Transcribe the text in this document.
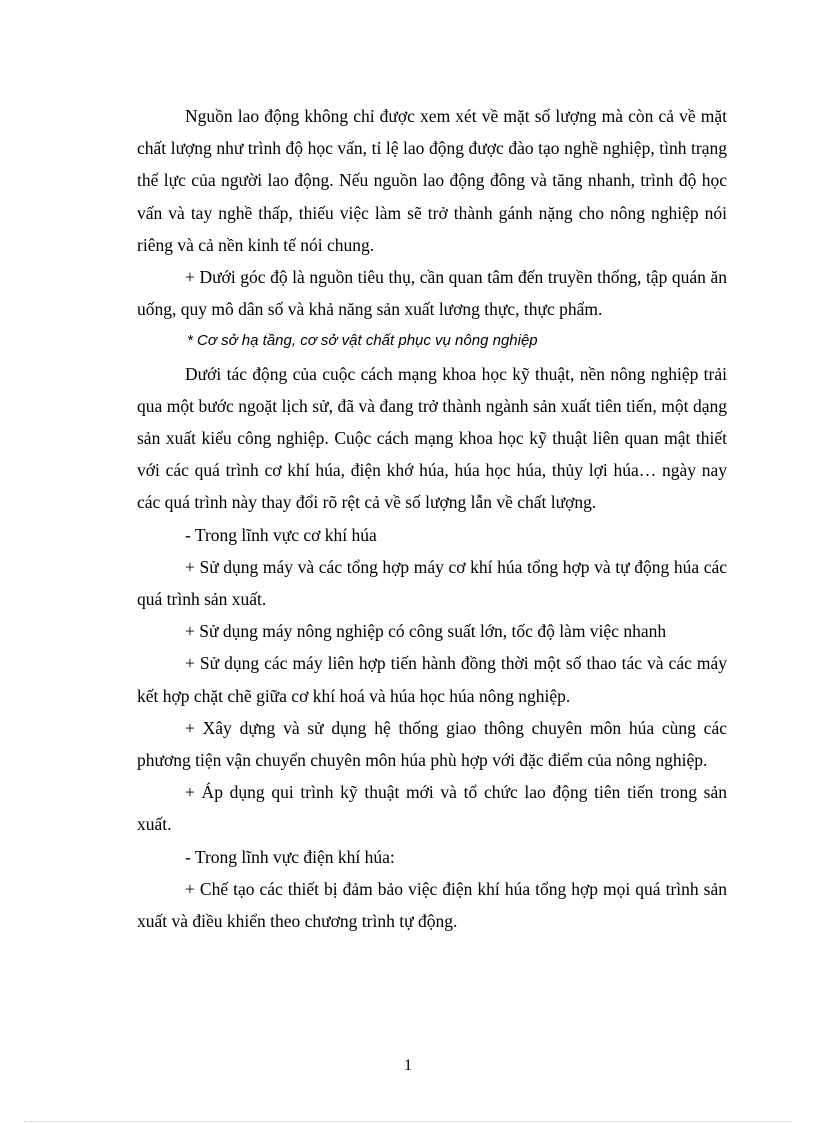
Nguồn lao động không chỉ được xem xét về mặt số lượng mà còn cả về mặt chất lượng như trình độ học vấn, tỉ lệ lao động được đào tạo nghề nghiệp, tình trạng thể lực của người lao động. Nếu nguồn lao động đông và tăng nhanh, trình độ học vấn và tay nghề thấp, thiếu việc làm sẽ trở thành gánh nặng cho nông nghiệp nói riêng và cả nền kinh tế nói chung.

+ Dưới góc độ là nguồn tiêu thụ, cần quan tâm đến truyền thống, tập quán ăn uống, quy mô dân số và khả năng sản xuất lương thực, thực phẩm.

* Cơ sở hạ tầng, cơ sở vật chất phục vụ nông nghiệp

Dưới tác động của cuộc cách mạng khoa học kỹ thuật, nền nông nghiệp trải qua một bước ngoặt lịch sử, đã và đang trở thành ngành sản xuất tiên tiến, một dạng sản xuất kiểu công nghiệp. Cuộc cách mạng khoa học kỹ thuật liên quan mật thiết với các quá trình cơ khí húa, điện khớ húa, húa học húa, thủy lợi húa… ngày nay các quá trình này thay đổi rõ rệt cả về số lượng lẫn về chất lượng.

- Trong lĩnh vực cơ khí húa

+ Sử dụng máy và các tổng hợp máy cơ khí húa tổng hợp và tự động húa các quá trình sản xuất.

+ Sử dụng máy nông nghiệp có công suất lớn, tốc độ làm việc nhanh

+ Sử dụng các máy liên hợp tiến hành đồng thời một số thao tác và các máy kết hợp chặt chẽ giữa cơ khí hoá và húa học húa nông nghiệp.

+ Xây dựng và sử dụng hệ thống giao thông chuyên môn húa cùng các phương tiện vận chuyển chuyên môn húa phù hợp với đặc điểm của nông nghiệp.

+ Áp dụng qui trình kỹ thuật mới và tổ chức lao động tiên tiến trong sản xuất.

- Trong lĩnh vực điện khí húa:

+ Chế tạo các thiết bị đảm bảo việc điện khí húa tổng hợp mọi quá trình sản xuất và điều khiển theo chương trình tự động.

1
